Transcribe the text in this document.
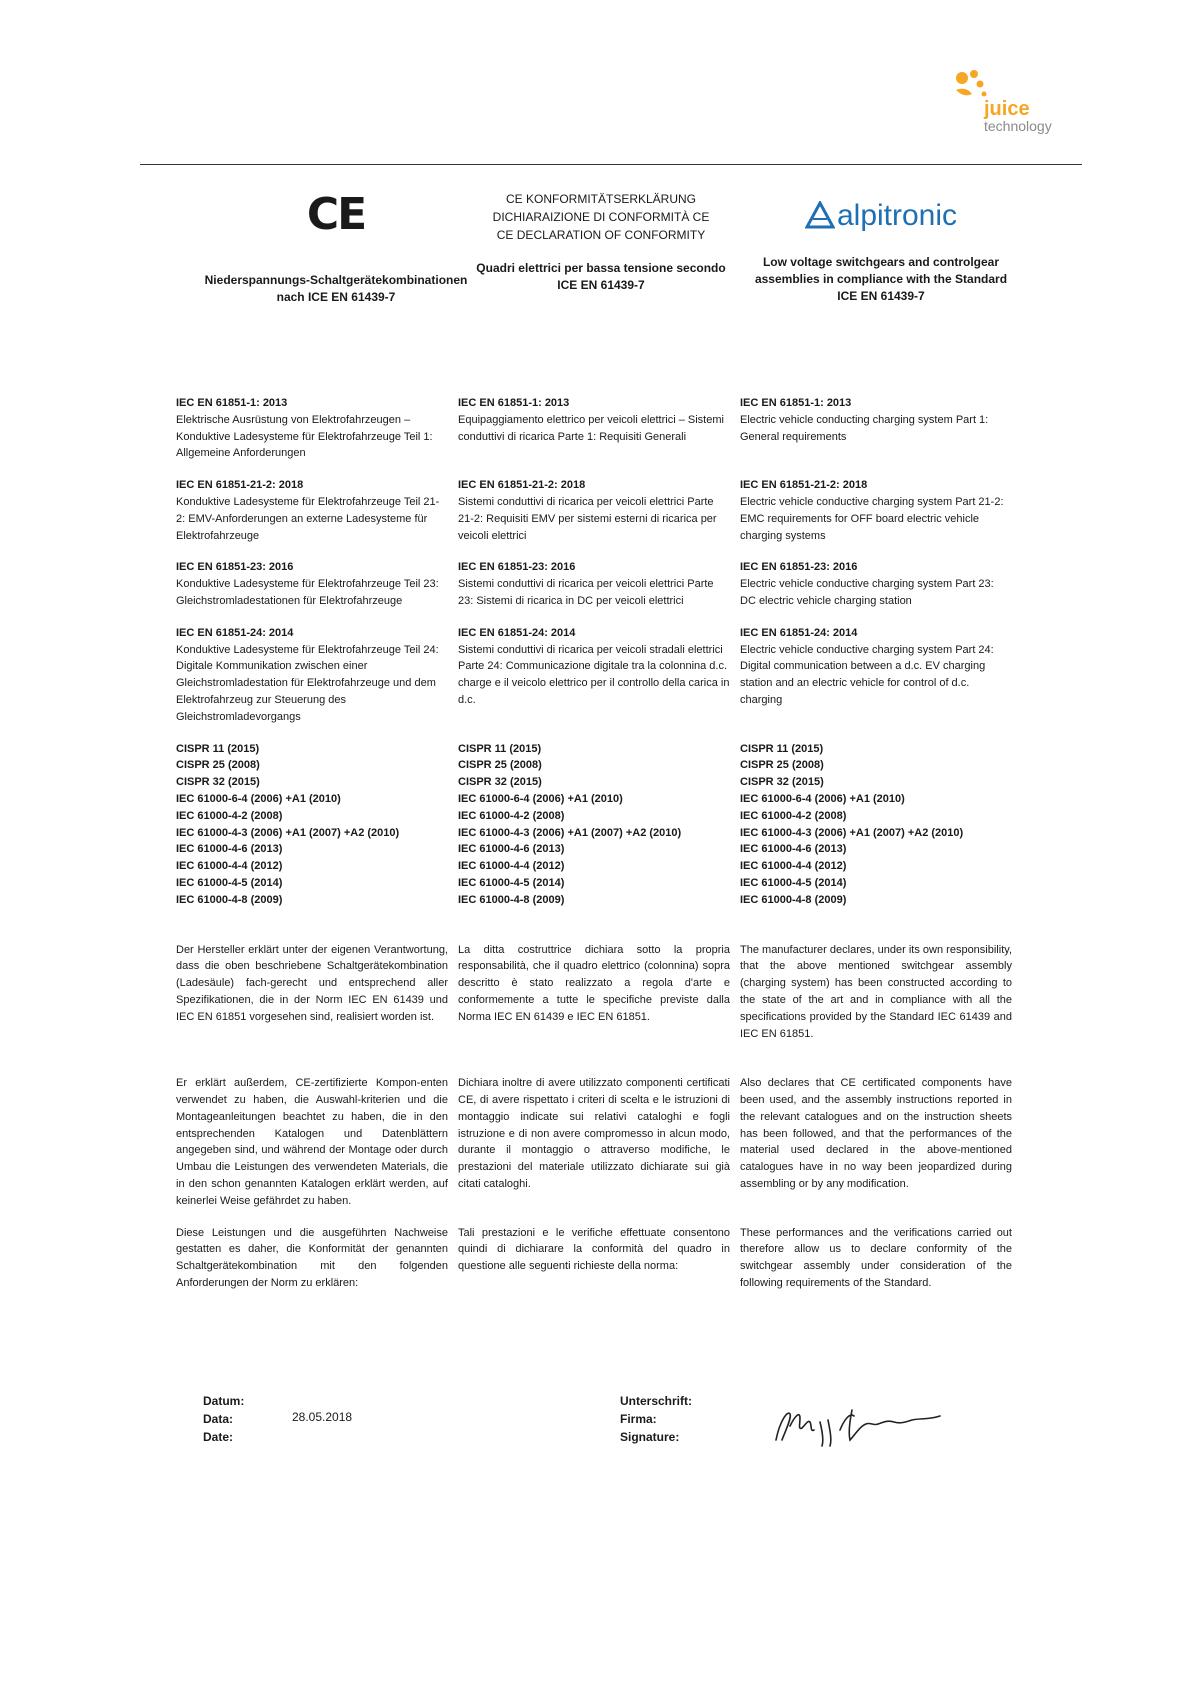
juice
technology
CE
Niederspannungs-Schaltgerätekombinationen nach ICE EN 61439-7
CE KONFORMITÄTSERKLÄRUNG
DICHIARAIZIONE DI CONFORMITÀ CE
CE DECLARATION OF CONFORMITY
Quadri elettrici per bassa tensione secondo ICE EN 61439-7
alpitronic
Low voltage switchgears and controlgear assemblies in compliance with the Standard ICE EN 61439-7
IEC EN 61851-1: 2013
Elektrische Ausrüstung von Elektrofahrzeugen – Konduktive Ladesysteme für Elektrofahrzeuge Teil 1: Allgemeine Anforderungen
IEC EN 61851-1: 2013
Equipaggiamento elettrico per veicoli elettrici – Sistemi conduttivi di ricarica Parte 1: Requisiti Generali
IEC EN 61851-1: 2013
Electric vehicle conducting charging system Part 1: General requirements
IEC EN 61851-21-2: 2018
Konduktive Ladesysteme für Elektrofahrzeuge Teil 21-2: EMV-Anforderungen an externe Ladesysteme für Elektrofahrzeuge
IEC EN 61851-21-2: 2018
Sistemi conduttivi di ricarica per veicoli elettrici Parte 21-2: Requisiti EMV per sistemi esterni di ricarica per veicoli elettrici
IEC EN 61851-21-2: 2018
Electric vehicle conductive charging system Part 21-2: EMC requirements for OFF board electric vehicle charging systems
IEC EN 61851-23: 2016
Konduktive Ladesysteme für Elektrofahrzeuge Teil 23: Gleichstromladestationen für Elektrofahrzeuge
IEC EN 61851-23: 2016
Sistemi conduttivi di ricarica per veicoli elettrici Parte 23: Sistemi di ricarica in DC per veicoli elettrici
IEC EN 61851-23: 2016
Electric vehicle conductive charging system Part 23: DC electric vehicle charging station
IEC EN 61851-24: 2014
Konduktive Ladesysteme für Elektrofahrzeuge Teil 24: Digitale Kommunikation zwischen einer Gleichstromladestation für Elektrofahrzeuge und dem Elektrofahrzeug zur Steuerung des Gleichstromladevorgangs
IEC EN 61851-24: 2014
Sistemi conduttivi di ricarica per veicoli stradali elettrici Parte 24: Communicazione digitale tra la colonnina d.c. charge e il veicolo elettrico per il controllo della carica in d.c.
IEC EN 61851-24: 2014
Electric vehicle conductive charging system Part 24: Digital communication between a d.c. EV charging station and an electric vehicle for control of d.c. charging
CISPR 11 (2015)
CISPR 25 (2008)
CISPR 32 (2015)
IEC 61000-6-4 (2006) +A1 (2010)
IEC 61000-4-2 (2008)
IEC 61000-4-3 (2006) +A1 (2007) +A2 (2010)
IEC 61000-4-6 (2013)
IEC 61000-4-4 (2012)
IEC 61000-4-5 (2014)
IEC 61000-4-8 (2009)
CISPR 11 (2015)
CISPR 25 (2008)
CISPR 32 (2015)
IEC 61000-6-4 (2006) +A1 (2010)
IEC 61000-4-2 (2008)
IEC 61000-4-3 (2006) +A1 (2007) +A2 (2010)
IEC 61000-4-6 (2013)
IEC 61000-4-4 (2012)
IEC 61000-4-5 (2014)
IEC 61000-4-8 (2009)
CISPR 11 (2015)
CISPR 25 (2008)
CISPR 32 (2015)
IEC 61000-6-4 (2006) +A1 (2010)
IEC 61000-4-2 (2008)
IEC 61000-4-3 (2006) +A1 (2007) +A2 (2010)
IEC 61000-4-6 (2013)
IEC 61000-4-4 (2012)
IEC 61000-4-5 (2014)
IEC 61000-4-8 (2009)
Der Hersteller erklärt unter der eigenen Verantwortung, dass die oben beschriebene Schaltgerätekombination (Ladesäule) fach-gerecht und entsprechend aller Spezifikationen, die in der Norm IEC EN 61439 und IEC EN 61851 vorgesehen sind, realisiert worden ist.
La ditta costruttrice dichiara sotto la propria responsabilità, che il quadro elettrico (colonnina) sopra descritto è stato realizzato a regola d'arte e conformemente a tutte le specifiche previste dalla Norma IEC EN 61439 e IEC EN 61851.
The manufacturer declares, under its own responsibility, that the above mentioned switchgear assembly (charging system) has been constructed according to the state of the art and in compliance with all the specifications provided by the Standard IEC 61439 and IEC EN 61851.
Er erklärt außerdem, CE-zertifizierte Kompon-enten verwendet zu haben, die Auswahl-kriterien und die Montageanleitungen beachtet zu haben, die in den entsprechenden Katalogen und Datenblättern angegeben sind, und während der Montage oder durch Umbau die Leistungen des verwendeten Materials, die in den schon genannten Katalogen erklärt werden, auf keinerlei Weise gefährdet zu haben.
Dichiara inoltre di avere utilizzato componenti certificati CE, di avere rispettato i criteri di scelta e le istruzioni di montaggio indicate sui relativi cataloghi e fogli istruzione e di non avere compromesso in alcun modo, durante il montaggio o attraverso modifiche, le prestazioni del materiale utilizzato dichiarate sui già citati cataloghi.
Also declares that CE certificated components have been used, and the assembly instructions reported in the relevant catalogues and on the instruction sheets has been followed, and that the performances of the material used declared in the above-mentioned catalogues have in no way been jeopardized during assembling or by any modification.
Diese Leistungen und die ausgeführten Nachweise gestatten es daher, die Konformität der genannten Schaltgerätekombination mit den folgenden Anforderungen der Norm zu erklären:
Tali prestazioni e le verifiche effettuate consentono quindi di dichiarare la conformità del quadro in questione alle seguenti richieste della norma:
These performances and the verifications carried out therefore allow us to declare conformity of the switchgear assembly under consideration of the following requirements of the Standard.
Datum:
Data:
Date:
28.05.2018
Unterschrift:
Firma:
Signature:
